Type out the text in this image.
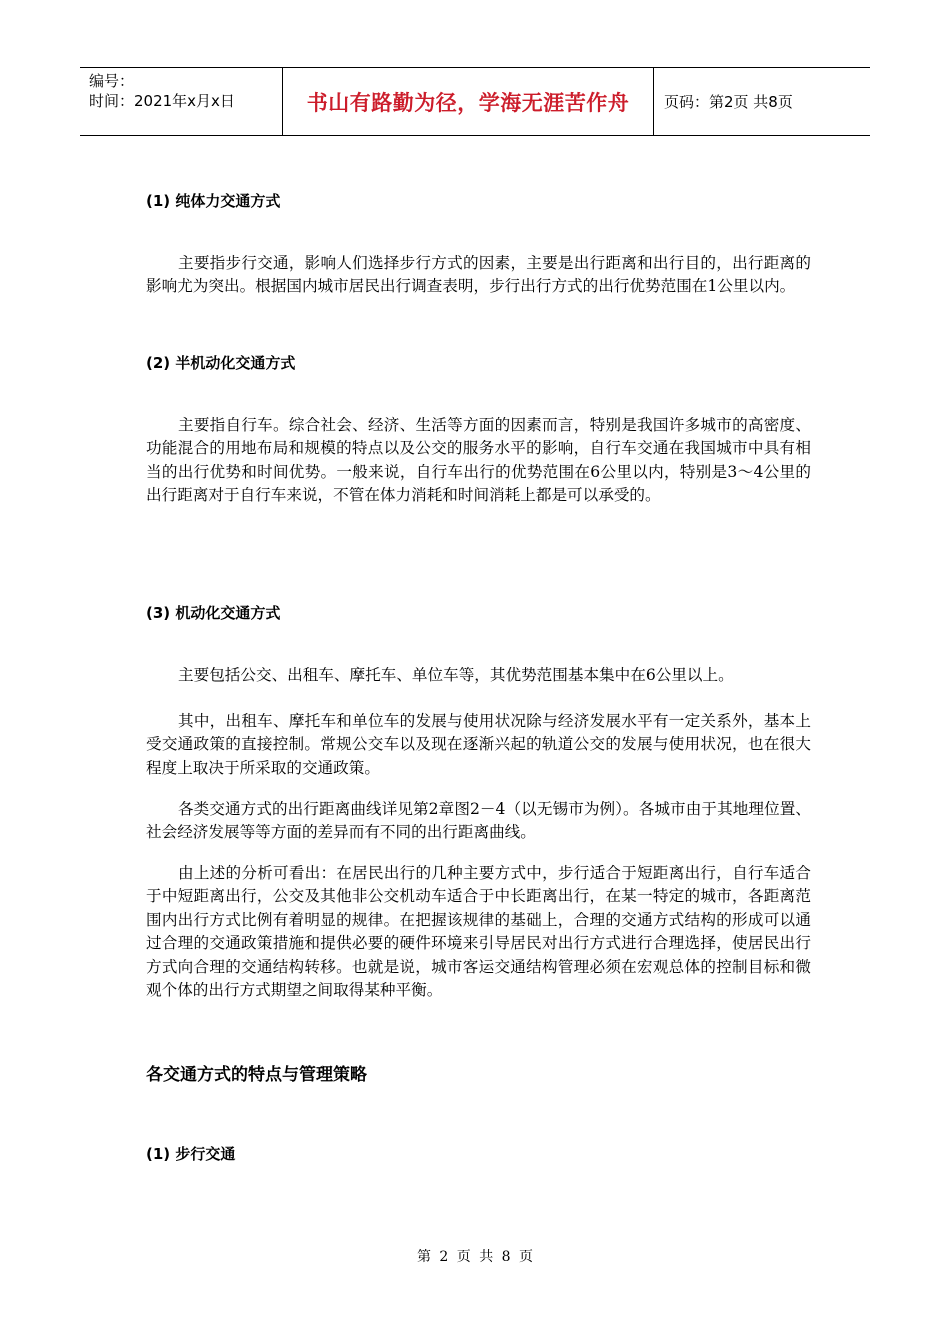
编号：
时间：2021年x月x日	书山有路勤为径，学海无涯苦作舟 页码：第2页 共8页
(1) 纯体力交通方式
主要指步行交通，影响人们选择步行方式的因素，主要是出行距离和出行目的，出行距离的影响尤为突出。根据国内城市居民出行调查表明，步行出行方式的出行优势范围在1公里以内。
(2) 半机动化交通方式
主要指自行车。综合社会、经济、生活等方面的因素而言，特别是我国许多城市的高密度、功能混合的用地布局和规模的特点以及公交的服务水平的影响，自行车交通在我国城市中具有相当的出行优势和时间优势。一般来说，自行车出行的优势范围在6公里以内，特别是3～4公里的出行距离对于自行车来说，不管在体力消耗和时间消耗上都是可以承受的。
(3) 机动化交通方式
主要包括公交、出租车、摩托车、单位车等，其优势范围基本集中在6公里以上。
其中，出租车、摩托车和单位车的发展与使用状况除与经济发展水平有一定关系外，基本上受交通政策的直接控制。常规公交车以及现在逐渐兴起的轨道公交的发展与使用状况，也在很大程度上取决于所采取的交通政策。
各类交通方式的出行距离曲线详见第2章图2－4（以无锡市为例）。各城市由于其地理位置、社会经济发展等等方面的差异而有不同的出行距离曲线。
由上述的分析可看出：在居民出行的几种主要方式中，步行适合于短距离出行，自行车适合于中短距离出行，公交及其他非公交机动车适合于中长距离出行，在某一特定的城市，各距离范围内出行方式比例有着明显的规律。在把握该规律的基础上，合理的交通方式结构的形成可以通过合理的交通政策措施和提供必要的硬件环境来引导居民对出行方式进行合理选择，使居民出行方式向合理的交通结构转移。也就是说，城市客运交通结构管理必须在宏观总体的控制目标和微观个体的出行方式期望之间取得某种平衡。
各交通方式的特点与管理策略
(1) 步行交通
第 2 页 共 8 页
